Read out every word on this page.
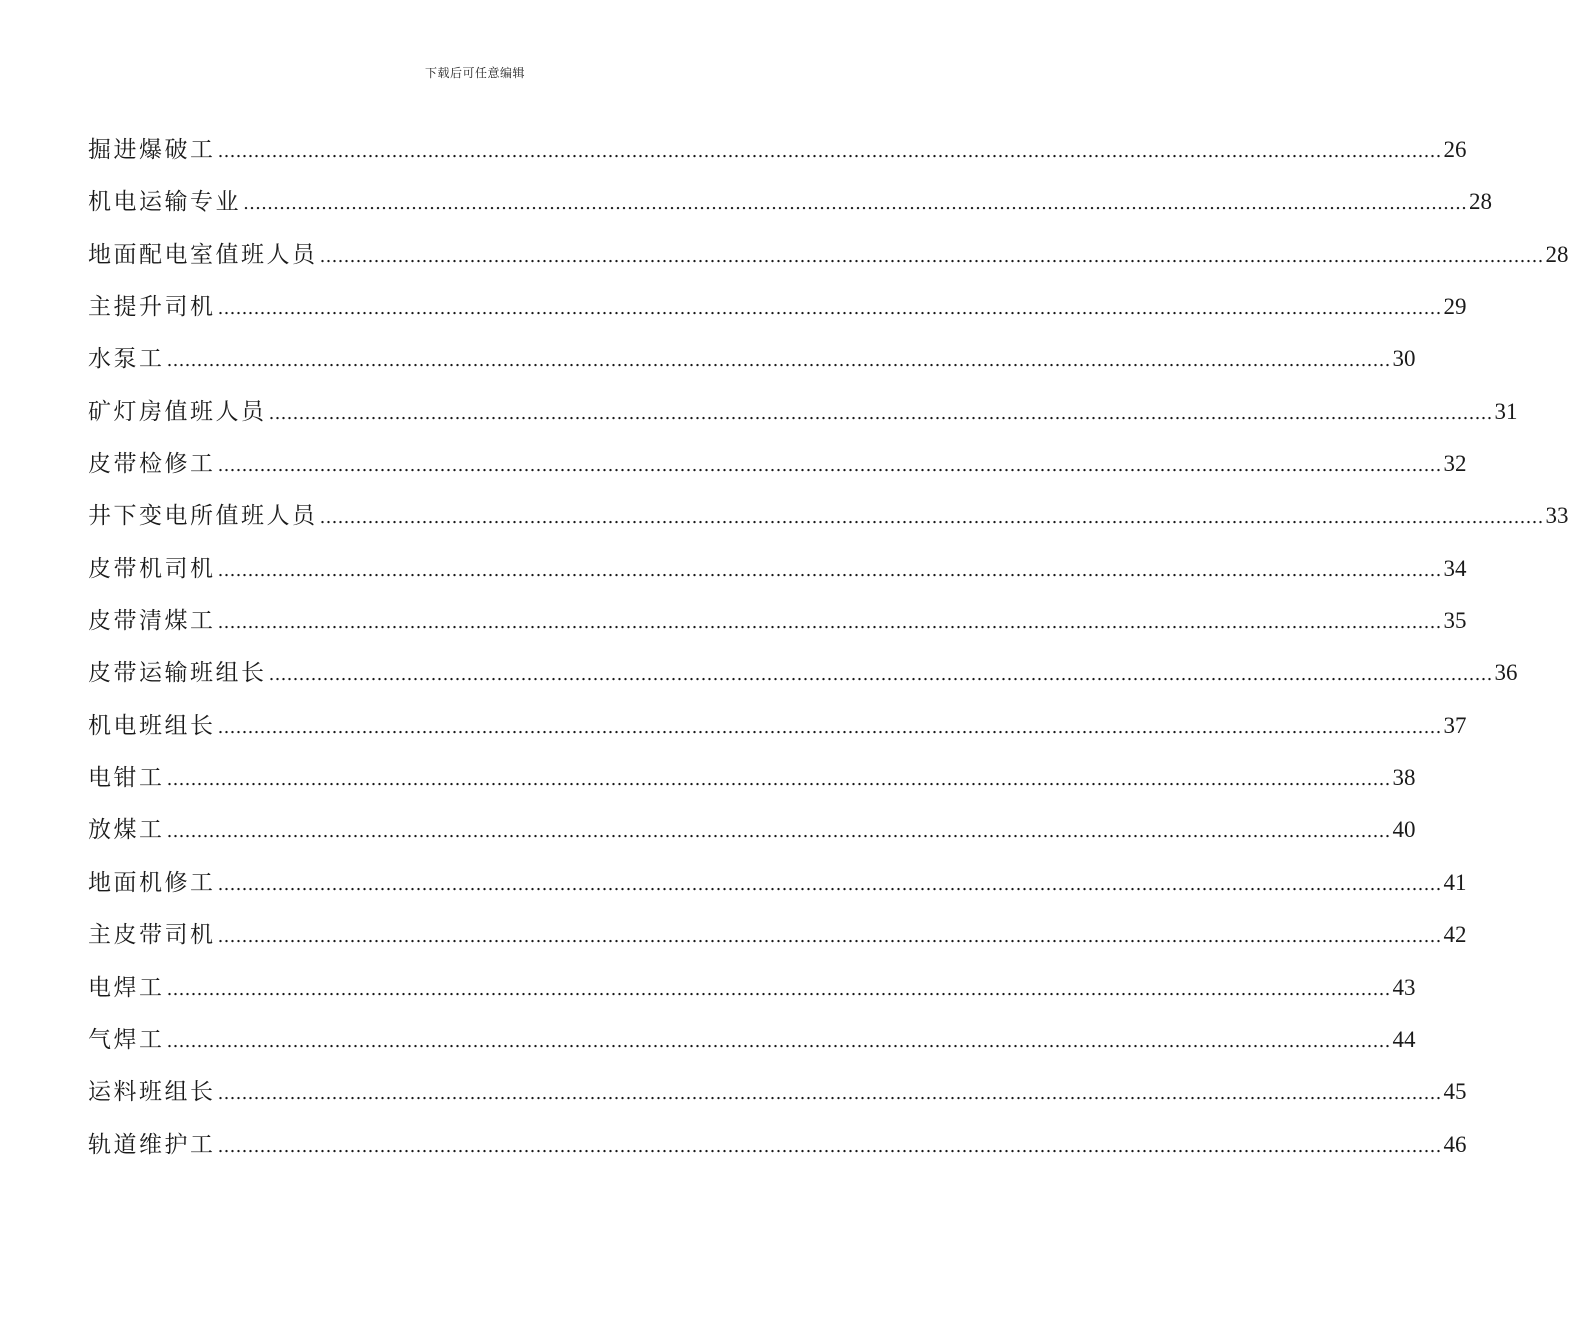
下载后可任意编辑
掘进爆破工 …………………………………………………………………………………………………………………………………………………………………………………… 26
机电运输专业 …………………………………………………………………………………………………………………………………………………………………………………… 28
地面配电室值班人员 …………………………………………………………………………………………………………………………………………………………………………………… 28
主提升司机 …………………………………………………………………………………………………………………………………………………………………………………… 29
水泵工 …………………………………………………………………………………………………………………………………………………………………………………… 30
矿灯房值班人员 …………………………………………………………………………………………………………………………………………………………………………………… 31
皮带检修工 …………………………………………………………………………………………………………………………………………………………………………………… 32
井下变电所值班人员 …………………………………………………………………………………………………………………………………………………………………………………… 33
皮带机司机 …………………………………………………………………………………………………………………………………………………………………………………… 34
皮带清煤工 …………………………………………………………………………………………………………………………………………………………………………………… 35
皮带运输班组长 …………………………………………………………………………………………………………………………………………………………………………………… 36
机电班组长 …………………………………………………………………………………………………………………………………………………………………………………… 37
电钳工 …………………………………………………………………………………………………………………………………………………………………………………… 38
放煤工 …………………………………………………………………………………………………………………………………………………………………………………… 40
地面机修工 …………………………………………………………………………………………………………………………………………………………………………………… 41
主皮带司机 …………………………………………………………………………………………………………………………………………………………………………………… 42
电焊工 …………………………………………………………………………………………………………………………………………………………………………………… 43
气焊工 …………………………………………………………………………………………………………………………………………………………………………………… 44
运料班组长 …………………………………………………………………………………………………………………………………………………………………………………… 45
轨道维护工 …………………………………………………………………………………………………………………………………………………………………………………… 46
